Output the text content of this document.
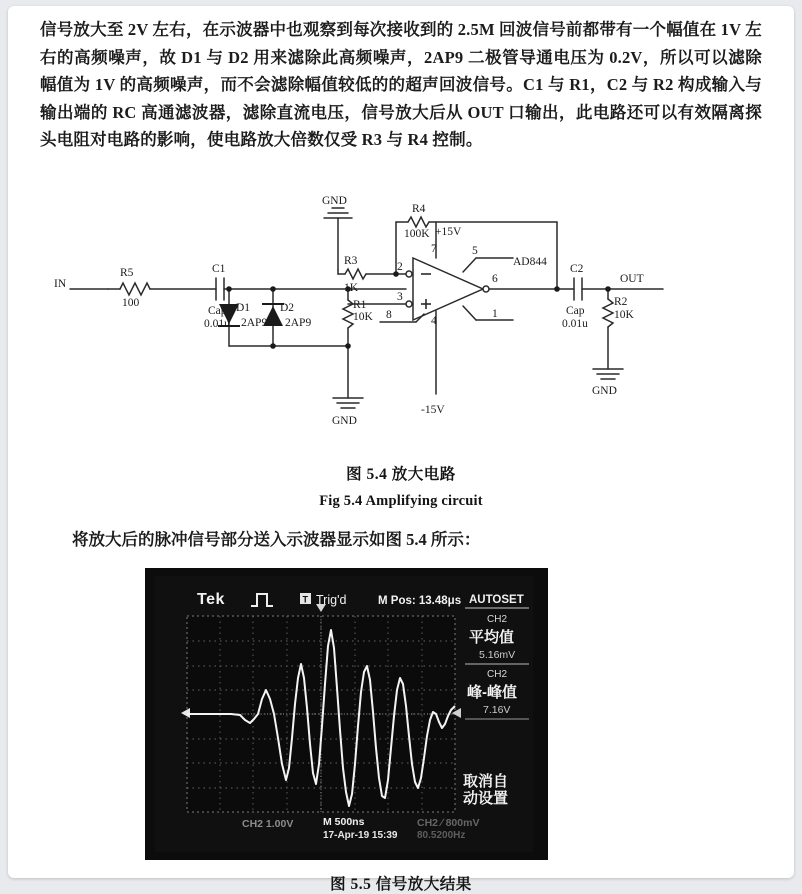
信号放大至 2V 左右，在示波器中也观察到每次接收到的 2.5M 回波信号前都带有一个幅值在 1V 左右的高频噪声，故 D1 与 D2 用来滤除此高频噪声，2AP9 二极管导通电压为 0.2V，所以可以滤除幅值为 1V 的高频噪声，而不会滤除幅值较低的的超声回波信号。C1 与 R1，C2 与 R2 构成输入与输出端的 RC 高通滤波器，滤除直流电压，信号放大后从 OUT 口输出，此电路还可以有效隔离探头电阻对电路的影响，使电路放大倍数仅受 R3 与 R4 控制。

IN	OUT
R5
100
C1
Cap
0.01u
D1
2AP9
D2
2AP9
R1
10K
R3
1K
R4
100K
C2
Cap
0.01u
R2
10K
AD844
+15V
-15V
GND
GND
GND
2
3
5
6
1
8
7
4
图 5.4 放大电路
Fig 5.4 Amplifying circuit
将放大后的脉冲信号部分送入示波器显示如图 5.4 所示：
Tek	T Trig'd	M Pos: 13.48μs AUTOSET
CH2
平均值
5.16mV
CH2
峰-峰值
7.16V
取消自动设置
CH2 1.00V	M 500ns
17-Apr-19 15:39
CH2 ∕ 800mV
80.5200Hz
图 5.5 信号放大结果
